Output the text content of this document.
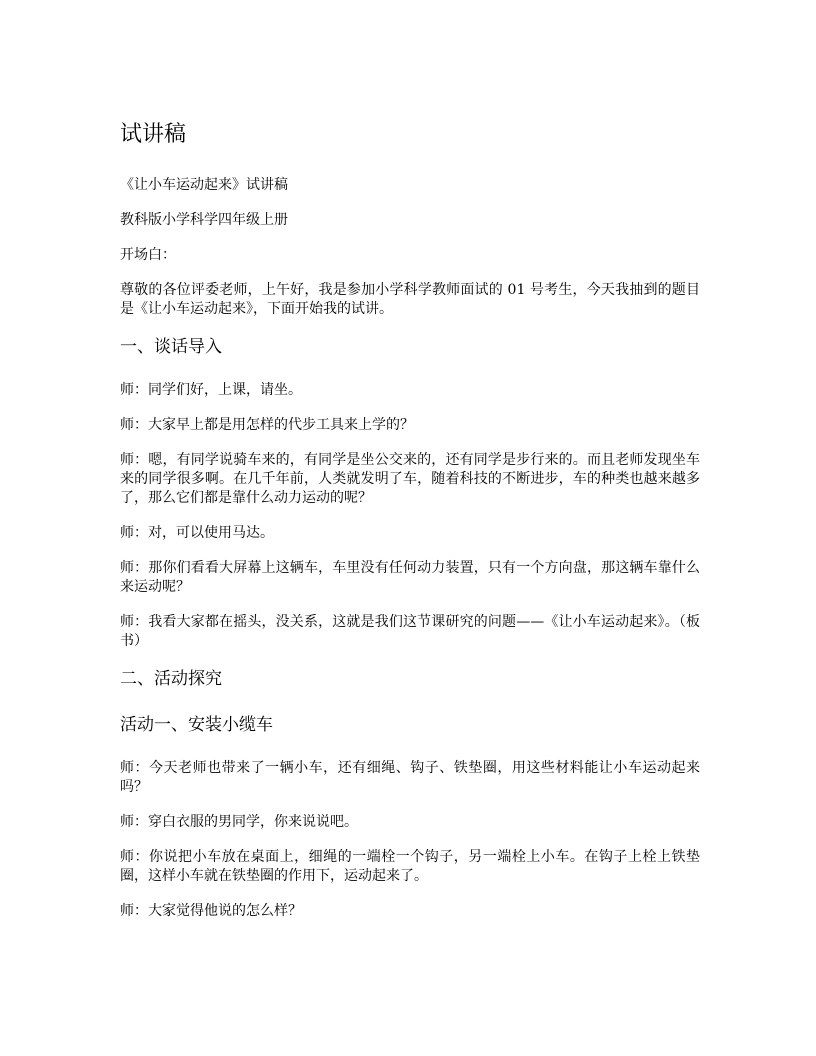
试讲稿

《让小车运动起来》试讲稿

教科版小学科学四年级上册

开场白：

尊敬的各位评委老师，上午好，我是参加小学科学教师面试的 01 号考生，今天我抽到的题目是《让小车运动起来》，下面开始我的试讲。

一、谈话导入

师：同学们好，上课，请坐。

师：大家早上都是用怎样的代步工具来上学的？

师：嗯，有同学说骑车来的，有同学是坐公交来的，还有同学是步行来的。而且老师发现坐车来的同学很多啊。在几千年前，人类就发明了车，随着科技的不断进步，车的种类也越来越多了，那么它们都是靠什么动力运动的呢？

师：对，可以使用马达。

师：那你们看看大屏幕上这辆车，车里没有任何动力装置，只有一个方向盘，那这辆车靠什么来运动呢？

师：我看大家都在摇头，没关系，这就是我们这节课研究的问题——《让小车运动起来》。（板书）

二、活动探究
活动一、安装小缆车

师：今天老师也带来了一辆小车，还有细绳、钩子、铁垫圈，用这些材料能让小车运动起来吗？

师：穿白衣服的男同学，你来说说吧。

师：你说把小车放在桌面上，细绳的一端栓一个钩子，另一端栓上小车。在钩子上栓上铁垫圈，这样小车就在铁垫圈的作用下，运动起来了。

师：大家觉得他说的怎么样？
